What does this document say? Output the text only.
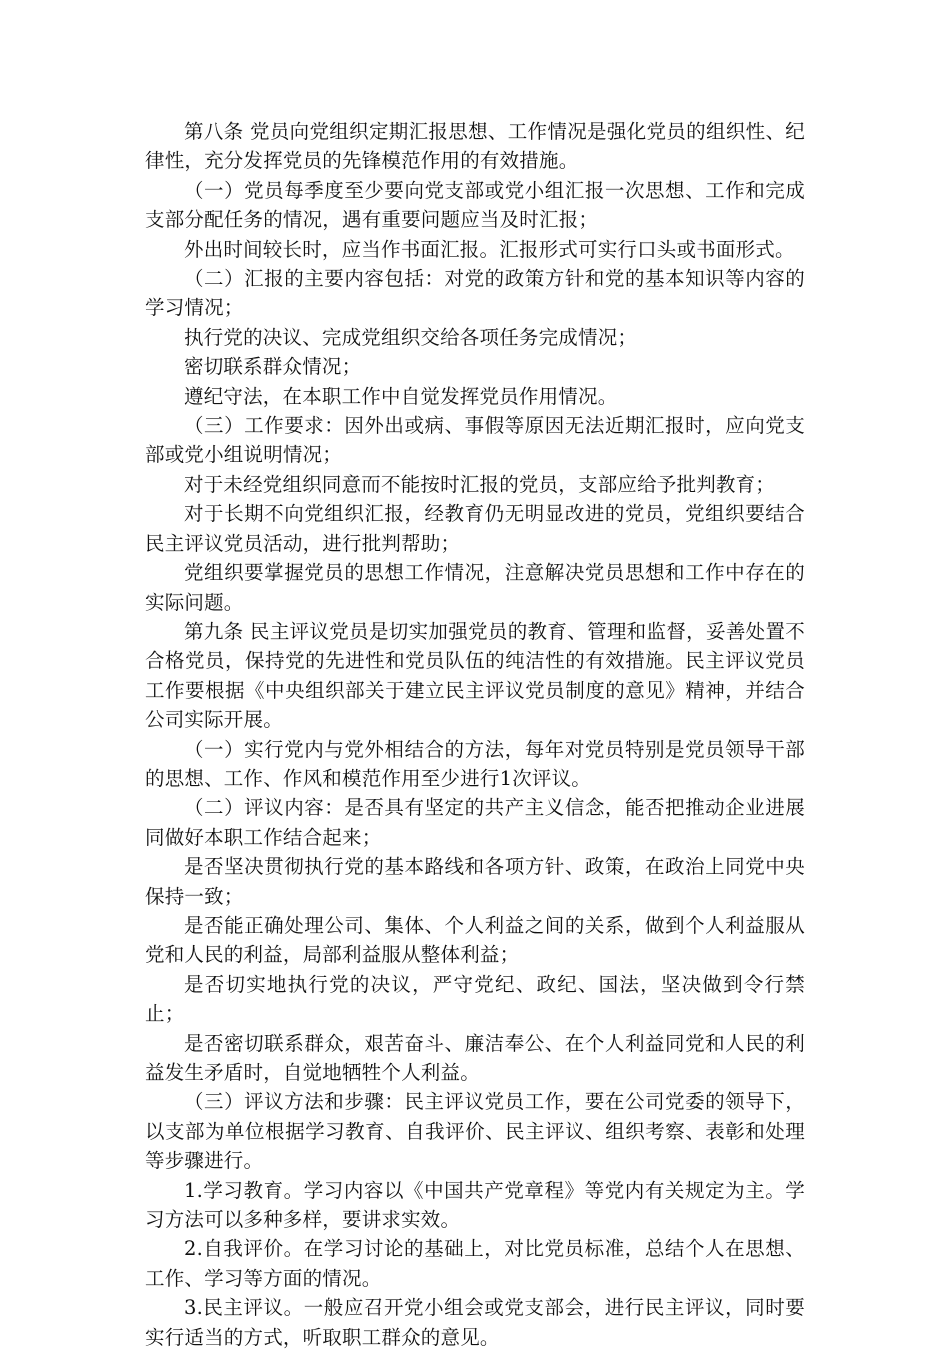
第八条 党员向党组织定期汇报思想、工作情况是强化党员的组织性、纪律性，充分发挥党员的先锋模范作用的有效措施。

（一）党员每季度至少要向党支部或党小组汇报一次思想、工作和完成支部分配任务的情况，遇有重要问题应当及时汇报；

外出时间较长时，应当作书面汇报。汇报形式可实行口头或书面形式。

（二）汇报的主要内容包括：对党的政策方针和党的基本知识等内容的学习情况；

执行党的决议、完成党组织交给各项任务完成情况；

密切联系群众情况；

遵纪守法，在本职工作中自觉发挥党员作用情况。

（三）工作要求：因外出或病、事假等原因无法近期汇报时，应向党支部或党小组说明情况；

对于未经党组织同意而不能按时汇报的党员，支部应给予批判教育；

对于长期不向党组织汇报，经教育仍无明显改进的党员，党组织要结合民主评议党员活动，进行批判帮助；

党组织要掌握党员的思想工作情况，注意解决党员思想和工作中存在的实际问题。

第九条 民主评议党员是切实加强党员的教育、管理和监督，妥善处置不合格党员，保持党的先进性和党员队伍的纯洁性的有效措施。民主评议党员工作要根据《中央组织部关于建立民主评议党员制度的意见》精神，并结合公司实际开展。

（一）实行党内与党外相结合的方法，每年对党员特别是党员领导干部的思想、工作、作风和模范作用至少进行1次评议。

（二）评议内容：是否具有坚定的共产主义信念，能否把推动企业进展同做好本职工作结合起来；

是否坚决贯彻执行党的基本路线和各项方针、政策，在政治上同党中央保持一致；

是否能正确处理公司、集体、个人利益之间的关系，做到个人利益服从党和人民的利益，局部利益服从整体利益；

是否切实地执行党的决议，严守党纪、政纪、国法，坚决做到令行禁止；

是否密切联系群众，艰苦奋斗、廉洁奉公、在个人利益同党和人民的利益发生矛盾时，自觉地牺牲个人利益。

（三）评议方法和步骤：民主评议党员工作，要在公司党委的领导下，以支部为单位根据学习教育、自我评价、民主评议、组织考察、表彰和处理等步骤进行。

1.学习教育。学习内容以《中国共产党章程》等党内有关规定为主。学习方法可以多种多样，要讲求实效。

2.自我评价。在学习讨论的基础上，对比党员标准，总结个人在思想、工作、学习等方面的情况。

3.民主评议。一般应召开党小组会或党支部会，进行民主评议，同时要实行适当的方式，听取职工群众的意见。
